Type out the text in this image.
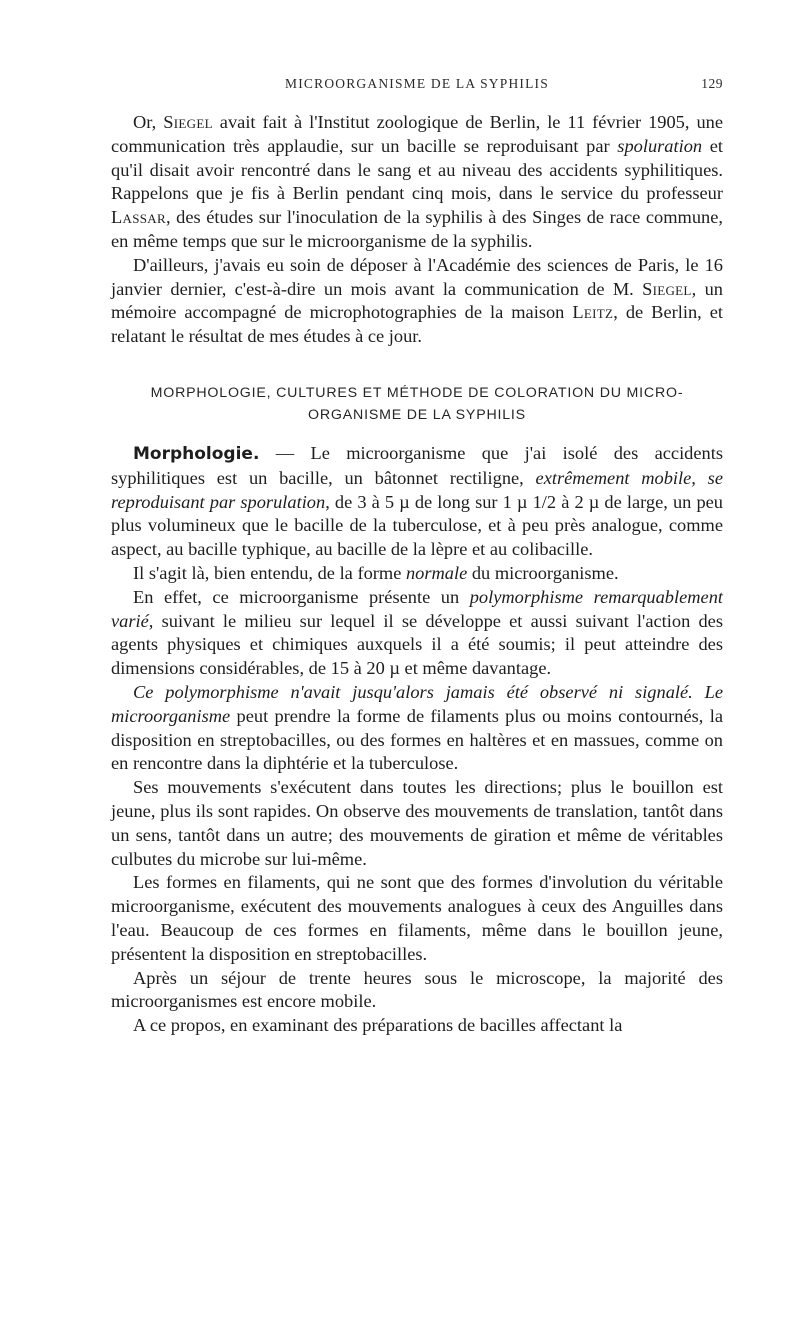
MICROORGANISME DE LA SYPHILIS	129

Or, Siegel avait fait à l'Institut zoologique de Berlin, le 11 février 1905, une communication très applaudie, sur un bacille se reproduisant par spoluration et qu'il disait avoir rencontré dans le sang et au niveau des accidents syphilitiques. Rappelons que je fis à Berlin pendant cinq mois, dans le service du professeur Lassar, des études sur l'inoculation de la syphilis à des Singes de race commune, en même temps que sur le microorganisme de la syphilis.

D'ailleurs, j'avais eu soin de déposer à l'Académie des sciences de Paris, le 16 janvier dernier, c'est-à-dire un mois avant la communication de M. Siegel, un mémoire accompagné de microphotographies de la maison Leitz, de Berlin, et relatant le résultat de mes études à ce jour.

MORPHOLOGIE, CULTURES ET MÉTHODE DE COLORATION DU MICRO-
ORGANISME DE LA SYPHILIS

Morphologie. — Le microorganisme que j'ai isolé des accidents syphilitiques est un bacille, un bâtonnet rectiligne, extrêmement mobile, se reproduisant par sporulation, de 3 à 5 µ de long sur 1 µ 1/2 à 2 µ de large, un peu plus volumineux que le bacille de la tuberculose, et à peu près analogue, comme aspect, au bacille typhique, au bacille de la lèpre et au colibacille.

Il s'agit là, bien entendu, de la forme normale du microorganisme.

En effet, ce microorganisme présente un polymorphisme remarquablement varié, suivant le milieu sur lequel il se développe et aussi suivant l'action des agents physiques et chimiques auxquels il a été soumis; il peut atteindre des dimensions considérables, de 15 à 20 µ et même davantage.

Ce polymorphisme n'avait jusqu'alors jamais été observé ni signalé. Le microorganisme peut prendre la forme de filaments plus ou moins contournés, la disposition en streptobacilles, ou des formes en haltères et en massues, comme on en rencontre dans la diphtérie et la tuberculose.

Ses mouvements s'exécutent dans toutes les directions; plus le bouillon est jeune, plus ils sont rapides. On observe des mouvements de translation, tantôt dans un sens, tantôt dans un autre; des mouvements de giration et même de véritables culbutes du microbe sur lui-même.

Les formes en filaments, qui ne sont que des formes d'involution du véritable microorganisme, exécutent des mouvements analogues à ceux des Anguilles dans l'eau. Beaucoup de ces formes en filaments, même dans le bouillon jeune, présentent la disposition en streptobacilles.

Après un séjour de trente heures sous le microscope, la majorité des microorganismes est encore mobile.

A ce propos, en examinant des préparations de bacilles affectant la
